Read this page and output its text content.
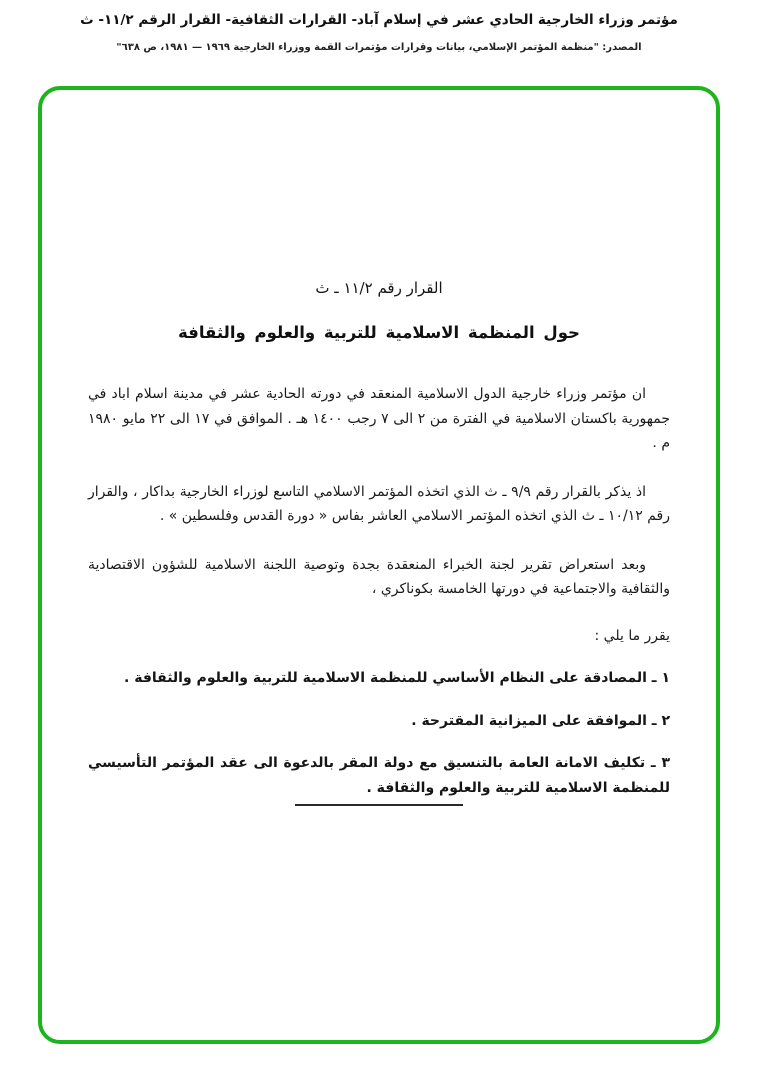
مؤتمر وزراء الخارجية الحادي عشر في إسلام آباد- القرارات الثقافية- القرار الرقم ١١/٢- ث
المصدر: "منظمة المؤتمر الإسلامي، بيانات وقرارات مؤتمرات القمة ووزراء الخارجية ١٩٦٩ — ١٩٨١، ص ٦٣٨"
القرار رقم ١١/٢ ـ ث
حول المنظمة الاسلامية للتربية والعلوم والثقافة

ان مؤتمر وزراء خارجية الدول الاسلامية المنعقد في دورته الحادية عشر في مدينة اسلام اباد في جمهورية باكستان الاسلامية في الفترة من ٢ الى ٧ رجب ١٤٠٠ هـ . الموافق في ١٧ الى ٢٢ مايو ١٩٨٠ م .

اذ يذكر بالقرار رقم ٩/٩ ـ ث الذي اتخذه المؤتمر الاسلامي التاسع لوزراء الخارجية بداكار ، والقرار رقم ١٠/١٢ ـ ث الذي اتخذه المؤتمر الاسلامي العاشر بفاس « دورة القدس وفلسطين » .

وبعد استعراض تقرير لجنة الخبراء المنعقدة بجدة وتوصية اللجنة الاسلامية للشؤون الاقتصادية والثقافية والاجتماعية في دورتها الخامسة بكوناكري ،

يقرر ما يلي :

١ ـ المصادقة على النظام الأساسي للمنظمة الاسلامية للتربية والعلوم والثقافة .

٢ ـ الموافقة على الميزانية المقترحة .

٣ ـ تكليف الامانة العامة بالتنسيق مع دولة المقر بالدعوة الى عقد المؤتمر التأسيسي للمنظمة الاسلامية للتربية والعلوم والثقافة .
